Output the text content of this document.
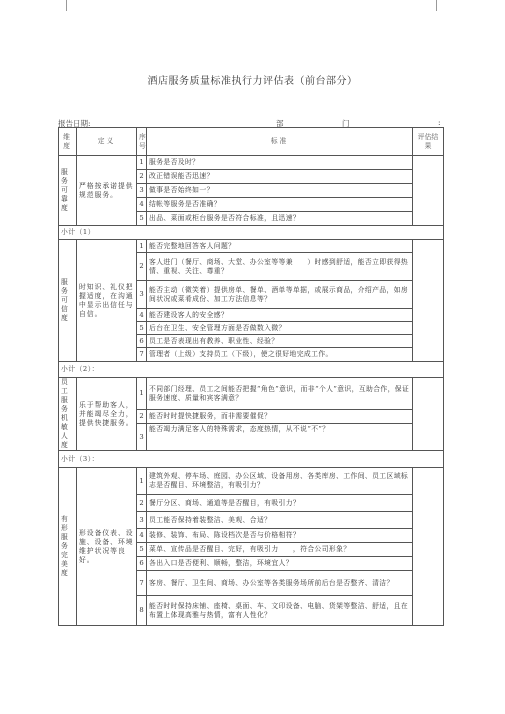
酒店服务质量标准执行力评估表（前台部分）
报告日期:	部	门	:
维度	定义	序号	标准	评估结果
服务可靠度	严格按承诺提供规范服务。	1	服务是否及时？	
		2	改正错误能否迅速？	
		3	做事是否始终如一？	
		4	结帐等服务是否准确？	
		5	出品、菜面或柜台服务是否符合标准，且迅速？	
小计（1）				
服务可信度	时知识、礼仪把握适度，在沟通中显示出信任与自信。	1	能否完整地回答客人问题？	
		2	客人进门（餐厅、商场、大堂、办公室等等兼　　）时感到舒适，能否立即获得热情、重视、关注、尊重？	
		3	能否主动（微笑着）提供房单、餐单、酒单等单据，或展示商品，介绍产品，如房间状况或菜肴成份、加工方法信息等？	
		4	能否建设客人的安全感？	
		5	后台在卫生、安全管理方面是否做数入微？	
		6	员工是否表现出有教养、职业性、经验？	
		7	管理者（上级）支持员工（下级），使之很好地完成工作。	
小计（2）：				
员工服务机敏人度	乐于帮助客人，并能竭尽全力，提供快捷服务。	1	不同部门经理、员工之间能否把握“角色”意识，而非“个人”意识，互助合作，保证服务速度、质量和宾客满意？	
		2	能否时时提快捷服务，而非需要催促？	
		3	能否竭力满足客人的特殊需求，态度热情，从不说“不”？	
小计（3）：				
有形服务完美度	形设备仪表、设施、设备、环境维护状况等良好。	1	建筑外观、停车场、庭园、办公区域、设备用房、各类库房、工作间、员工区域标志是否醒目、环境整洁，有吸引力？	
		2	餐厅分区、商场、通道等是否醒目，有吸引力？	
		3	员工能否保持着装整洁、美观、合适？	
		4	装修、装饰、布局、陈设档次是否与价格相符？	
		5	菜单、宣传品是否醒目、完好，有吸引力　　，符合公司形象？	
		6	各出入口是否便利、顺畅，整洁，环境宜人？	
		7	客房、餐厅、卫生间、商场、办公室等各类服务场所前后台是否整齐、清洁？	
		8	能否时时保持床铺、座椅、桌面、车、文印设备、电脑、货架等整洁、舒适，且在布置上体现高雅与热情，富有人性化？	
